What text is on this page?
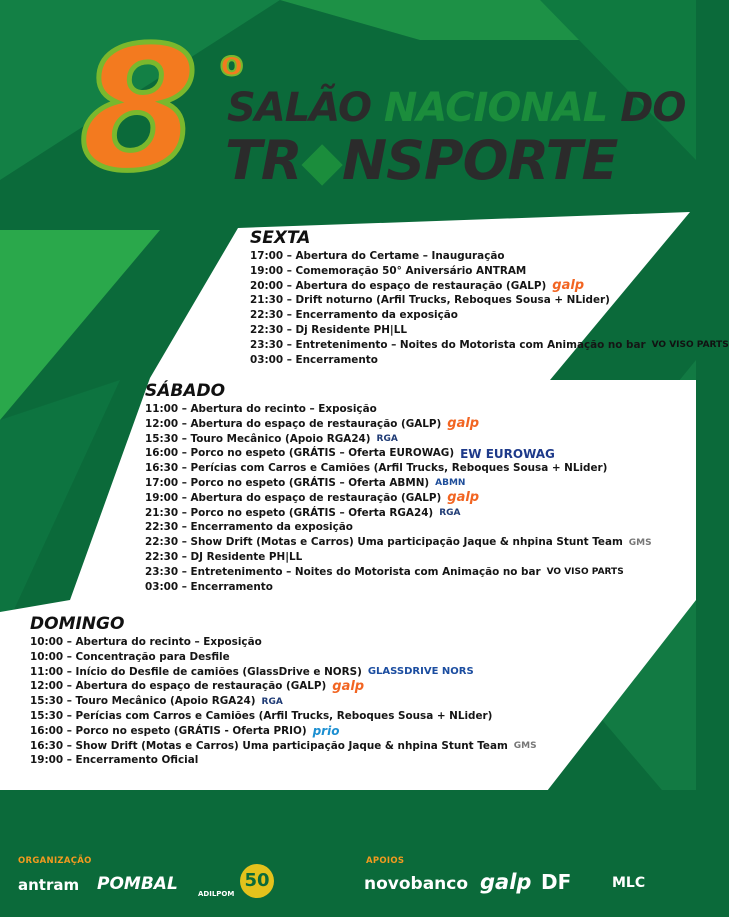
8 o
SALÃO NACIONAL DO
TR◆NSPORTE
SEXTA
17:00 – Abertura do Certame – Inauguração
19:00 – Comemoração 50° Aniversário ANTRAM
20:00 – Abertura do espaço de restauração (GALP) galp
21:30 – Drift noturno (Arfil Trucks, Reboques Sousa + NLider)
22:30 – Encerramento da exposição
22:30 – Dj Residente PH|LL
23:30 – Entretenimento – Noites do Motorista com Animação no bar VO VISO PARTS
03:00 – Encerramento
SÁBADO
11:00 – Abertura do recinto – Exposição
12:00 – Abertura do espaço de restauração (GALP) galp
15:30 – Touro Mecânico (Apoio RGA24) RGA
16:00 – Porco no espeto (GRÁTIS – Oferta EUROWAG) EW EUROWAG
16:30 – Perícias com Carros e Camiões (Arfil Trucks, Reboques Sousa + NLider)
17:00 – Porco no espeto (GRÁTIS – Oferta ABMN) ABMN
19:00 – Abertura do espaço de restauração (GALP) galp
21:30 – Porco no espeto (GRÁTIS – Oferta RGA24) RGA
22:30 – Encerramento da exposição
22:30 – Show Drift (Motas e Carros) Uma participação Jaque & nhpina Stunt Team GMS
22:30 – DJ Residente PH|LL
23:30 – Entretenimento – Noites do Motorista com Animação no bar VO VISO PARTS
03:00 – Encerramento
DOMINGO
10:00 – Abertura do recinto – Exposição
10:00 – Concentração para Desfile
11:00 – Início do Desfile de camiões (GlassDrive e NORS) GLASSDRIVE NORS
12:00 – Abertura do espaço de restauração (GALP) galp
15:30 – Touro Mecânico (Apoio RGA24) RGA
15:30 – Perícias com Carros e Camiões (Arfil Trucks, Reboques Sousa + NLider)
16:00 – Porco no espeto (GRÁTIS - Oferta PRIO) prio
16:30 – Show Drift (Motas e Carros) Uma participação Jaque & nhpina Stunt Team GMS
19:00 – Encerramento Oficial
ORGANIZAÇÃO
antram POMBAL	ADILPOM
50
APOIOS
novobanco galp DF	MLC
